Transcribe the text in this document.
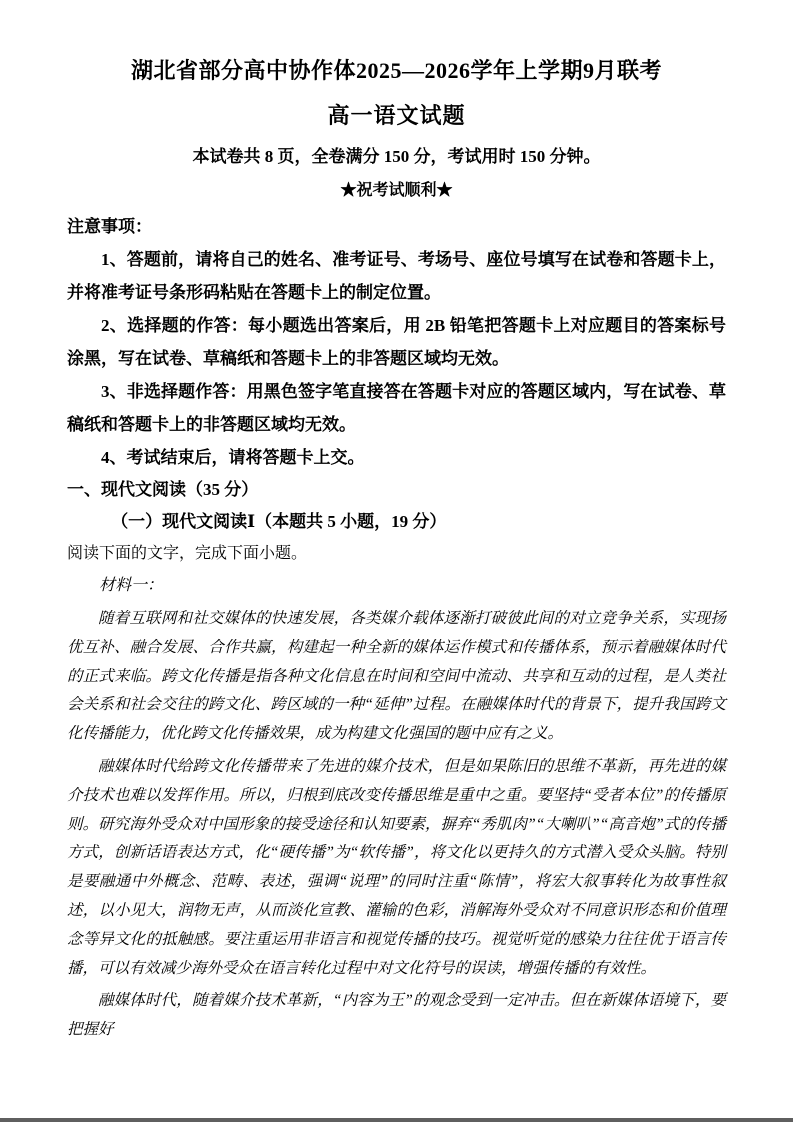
湖北省部分高中协作体2025—2026学年上学期9月联考
高一语文试题

本试卷共 8 页，全卷满分 150 分，考试用时 150 分钟。

★祝考试顺利★

注意事项：

1、答题前，请将自己的姓名、准考证号、考场号、座位号填写在试卷和答题卡上，并将准考证号条形码粘贴在答题卡上的制定位置。

2、选择题的作答：每小题选出答案后，用 2B 铅笔把答题卡上对应题目的答案标号涂黑，写在试卷、草稿纸和答题卡上的非答题区域均无效。

3、非选择题作答：用黑色签字笔直接答在答题卡对应的答题区域内，写在试卷、草稿纸和答题卡上的非答题区域均无效。

4、考试结束后，请将答题卡上交。

一、现代文阅读（35 分）

（一）现代文阅读Ⅰ（本题共 5 小题，19 分）

阅读下面的文字，完成下面小题。

材料一：

随着互联网和社交媒体的快速发展，各类媒介载体逐渐打破彼此间的对立竞争关系，实现扬优互补、融合发展、合作共赢，构建起一种全新的媒体运作模式和传播体系，预示着融媒体时代的正式来临。跨文化传播是指各种文化信息在时间和空间中流动、共享和互动的过程，是人类社会关系和社会交往的跨文化、跨区域的一种“延伸”过程。在融媒体时代的背景下，提升我国跨文化传播能力，优化跨文化传播效果，成为构建文化强国的题中应有之义。

融媒体时代给跨文化传播带来了先进的媒介技术，但是如果陈旧的思维不革新，再先进的媒介技术也难以发挥作用。所以，归根到底改变传播思维是重中之重。要坚持“受者本位”的传播原则。研究海外受众对中国形象的接受途径和认知要素，摒弃“秀肌肉”“大喇叭”“高音炮”式的传播方式，创新话语表达方式，化“硬传播”为“软传播”，将文化以更持久的方式潜入受众头脑。特别是要融通中外概念、范畴、表述，强调“说理”的同时注重“陈情”，将宏大叙事转化为故事性叙述，以小见大，润物无声，从而淡化宣教、灌输的色彩，消解海外受众对不同意识形态和价值理念等异文化的抵触感。要注重运用非语言和视觉传播的技巧。视觉听觉的感染力往往优于语言传播，可以有效减少海外受众在语言转化过程中对文化符号的误读，增强传播的有效性。

融媒体时代，随着媒介技术革新，“内容为王”的观念受到一定冲击。但在新媒体语境下，要把握好
